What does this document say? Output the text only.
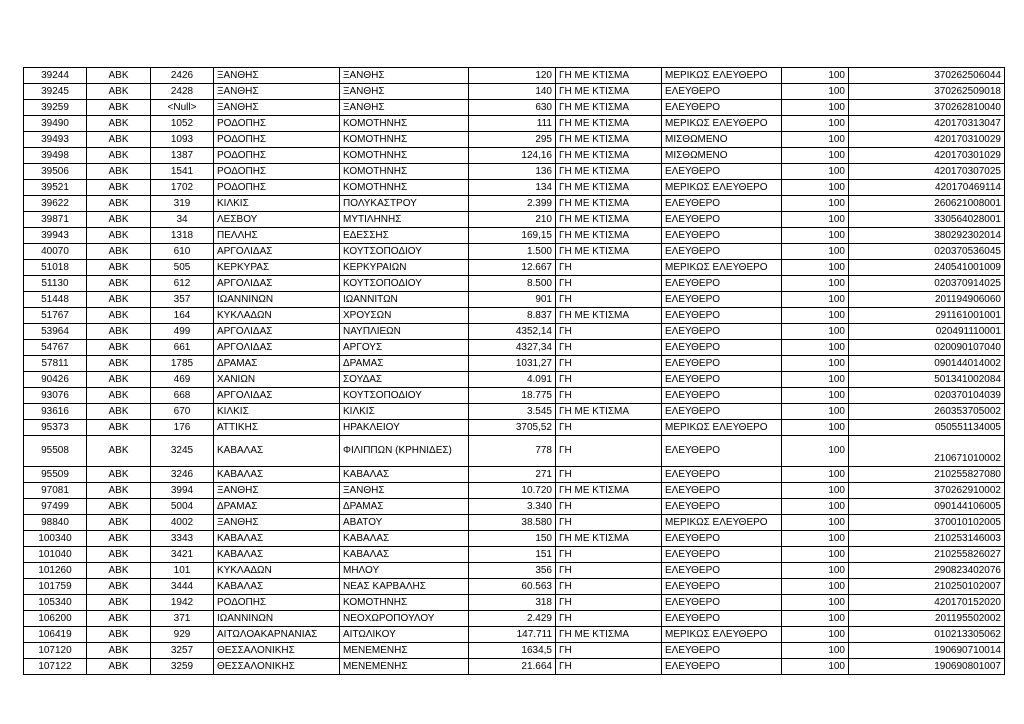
39244	ABK	2426	ΞΑΝΘΗΣ	ΞΑΝΘΗΣ	120	ΓΗ ΜΕ ΚΤΙΣΜΑ	ΜΕΡΙΚΩΣ ΕΛΕΥΘΕΡΟ	100	370262506044
39245	ABK	2428	ΞΑΝΘΗΣ	ΞΑΝΘΗΣ	140	ΓΗ ΜΕ ΚΤΙΣΜΑ	ΕΛΕΥΘΕΡΟ	100	370262509018
39259	ABK	<Null>	ΞΑΝΘΗΣ	ΞΑΝΘΗΣ	630	ΓΗ ΜΕ ΚΤΙΣΜΑ	ΕΛΕΥΘΕΡΟ	100	370262810040
39490	ABK	1052	ΡΟΔΟΠΗΣ	ΚΟΜΟΤΗΝΗΣ	111	ΓΗ ΜΕ ΚΤΙΣΜΑ	ΜΕΡΙΚΩΣ ΕΛΕΥΘΕΡΟ	100	420170313047
39493	ABK	1093	ΡΟΔΟΠΗΣ	ΚΟΜΟΤΗΝΗΣ	295	ΓΗ ΜΕ ΚΤΙΣΜΑ	ΜΙΣΘΩΜΕΝΟ	100	420170310029
39498	ABK	1387	ΡΟΔΟΠΗΣ	ΚΟΜΟΤΗΝΗΣ	124,16	ΓΗ ΜΕ ΚΤΙΣΜΑ	ΜΙΣΘΩΜΕΝΟ	100	420170301029
39506	ABK	1541	ΡΟΔΟΠΗΣ	ΚΟΜΟΤΗΝΗΣ	136	ΓΗ ΜΕ ΚΤΙΣΜΑ	ΕΛΕΥΘΕΡΟ	100	420170307025
39521	ABK	1702	ΡΟΔΟΠΗΣ	ΚΟΜΟΤΗΝΗΣ	134	ΓΗ ΜΕ ΚΤΙΣΜΑ	ΜΕΡΙΚΩΣ ΕΛΕΥΘΕΡΟ	100	420170469114
39622	ABK	319	ΚΙΛΚΙΣ	ΠΟΛΥΚΑΣΤΡΟΥ	2.399	ΓΗ ΜΕ ΚΤΙΣΜΑ	ΕΛΕΥΘΕΡΟ	100	260621008001
39871	ABK	34	ΛΕΣΒΟΥ	ΜΥΤΙΛΗΝΗΣ	210	ΓΗ ΜΕ ΚΤΙΣΜΑ	ΕΛΕΥΘΕΡΟ	100	330564028001
39943	ABK	1318	ΠΕΛΛΗΣ	ΕΔΕΣΣΗΣ	169,15	ΓΗ ΜΕ ΚΤΙΣΜΑ	ΕΛΕΥΘΕΡΟ	100	380292302014
40070	ABK	610	ΑΡΓΟΛΙΔΑΣ	ΚΟΥΤΣΟΠΟΔΙΟΥ	1.500	ΓΗ ΜΕ ΚΤΙΣΜΑ	ΕΛΕΥΘΕΡΟ	100	020370536045
51018	ABK	505	ΚΕΡΚΥΡΑΣ	ΚΕΡΚΥΡΑΙΩΝ	12.667	ΓΗ	ΜΕΡΙΚΩΣ ΕΛΕΥΘΕΡΟ	100	240541001009
51130	ABK	612	ΑΡΓΟΛΙΔΑΣ	ΚΟΥΤΣΟΠΟΔΙΟΥ	8.500	ΓΗ	ΕΛΕΥΘΕΡΟ	100	020370914025
51448	ABK	357	ΙΩΑΝΝΙΝΩΝ	ΙΩΑΝΝΙΤΩΝ	901	ΓΗ	ΕΛΕΥΘΕΡΟ	100	201194906060
51767	ABK	164	ΚΥΚΛΑΔΩΝ	ΧΡΟΥΣΩΝ	8.837	ΓΗ ΜΕ ΚΤΙΣΜΑ	ΕΛΕΥΘΕΡΟ	100	291161001001
53964	ABK	499	ΑΡΓΟΛΙΔΑΣ	ΝΑΥΠΛΙΕΩΝ	4352,14	ΓΗ	ΕΛΕΥΘΕΡΟ	100	020491110001
54767	ABK	661	ΑΡΓΟΛΙΔΑΣ	ΑΡΓΟΥΣ	4327,34	ΓΗ	ΕΛΕΥΘΕΡΟ	100	020090107040
57811	ABK	1785	ΔΡΑΜΑΣ	ΔΡΑΜΑΣ	1031,27	ΓΗ	ΕΛΕΥΘΕΡΟ	100	090144014002
90426	ABK	469	ΧΑΝΙΩΝ	ΣΟΥΔΑΣ	4.091	ΓΗ	ΕΛΕΥΘΕΡΟ	100	501341002084
93076	ABK	668	ΑΡΓΟΛΙΔΑΣ	ΚΟΥΤΣΟΠΟΔΙΟΥ	18.775	ΓΗ	ΕΛΕΥΘΕΡΟ	100	020370104039
93616	ABK	670	ΚΙΛΚΙΣ	ΚΙΛΚΙΣ	3.545	ΓΗ ΜΕ ΚΤΙΣΜΑ	ΕΛΕΥΘΕΡΟ	100	260353705002
95373	ABK	176	ΑΤΤΙΚΗΣ	ΗΡΑΚΛΕΙΟΥ	3705,52	ΓΗ	ΜΕΡΙΚΩΣ ΕΛΕΥΘΕΡΟ	100	050551134005
95508	ABK	3245	ΚΑΒΑΛΑΣ	ΦΙΛΙΠΠΩΝ (ΚΡΗΝΙΔΕΣ)	778	ΓΗ	ΕΛΕΥΘΕΡΟ	100	210671010002
95509	ABK	3246	ΚΑΒΑΛΑΣ	ΚΑΒΑΛΑΣ	271	ΓΗ	ΕΛΕΥΘΕΡΟ	100	210255827080
97081	ABK	3994	ΞΑΝΘΗΣ	ΞΑΝΘΗΣ	10.720	ΓΗ ΜΕ ΚΤΙΣΜΑ	ΕΛΕΥΘΕΡΟ	100	370262910002
97499	ABK	5004	ΔΡΑΜΑΣ	ΔΡΑΜΑΣ	3.340	ΓΗ	ΕΛΕΥΘΕΡΟ	100	090144106005
98840	ABK	4002	ΞΑΝΘΗΣ	ΑΒΑΤΟΥ	38.580	ΓΗ	ΜΕΡΙΚΩΣ ΕΛΕΥΘΕΡΟ	100	370010102005
100340	ABK	3343	ΚΑΒΑΛΑΣ	ΚΑΒΑΛΑΣ	150	ΓΗ ΜΕ ΚΤΙΣΜΑ	ΕΛΕΥΘΕΡΟ	100	210253146003
101040	ABK	3421	ΚΑΒΑΛΑΣ	ΚΑΒΑΛΑΣ	151	ΓΗ	ΕΛΕΥΘΕΡΟ	100	210255826027
101260	ABK	101	ΚΥΚΛΑΔΩΝ	ΜΗΛΟΥ	356	ΓΗ	ΕΛΕΥΘΕΡΟ	100	290823402076
101759	ABK	3444	ΚΑΒΑΛΑΣ	ΝΕΑΣ ΚΑΡΒΑΛΗΣ	60.563	ΓΗ	ΕΛΕΥΘΕΡΟ	100	210250102007
105340	ABK	1942	ΡΟΔΟΠΗΣ	ΚΟΜΟΤΗΝΗΣ	318	ΓΗ	ΕΛΕΥΘΕΡΟ	100	420170152020
106200	ABK	371	ΙΩΑΝΝΙΝΩΝ	ΝΕΟΧΩΡΟΠΟΥΛΟΥ	2.429	ΓΗ	ΕΛΕΥΘΕΡΟ	100	201195502002
106419	ABK	929	ΑΙΤΩΛΟΑΚΑΡΝΑΝΙΑΣ	ΑΙΤΩΛΙΚΟΥ	147.711	ΓΗ ΜΕ ΚΤΙΣΜΑ	ΜΕΡΙΚΩΣ ΕΛΕΥΘΕΡΟ	100	010213305062
107120	ABK	3257	ΘΕΣΣΑΛΟΝΙΚΗΣ	ΜΕΝΕΜΕΝΗΣ	1634,5	ΓΗ	ΕΛΕΥΘΕΡΟ	100	190690710014
107122	ABK	3259	ΘΕΣΣΑΛΟΝΙΚΗΣ	ΜΕΝΕΜΕΝΗΣ	21.664	ΓΗ	ΕΛΕΥΘΕΡΟ	100	190690801007
